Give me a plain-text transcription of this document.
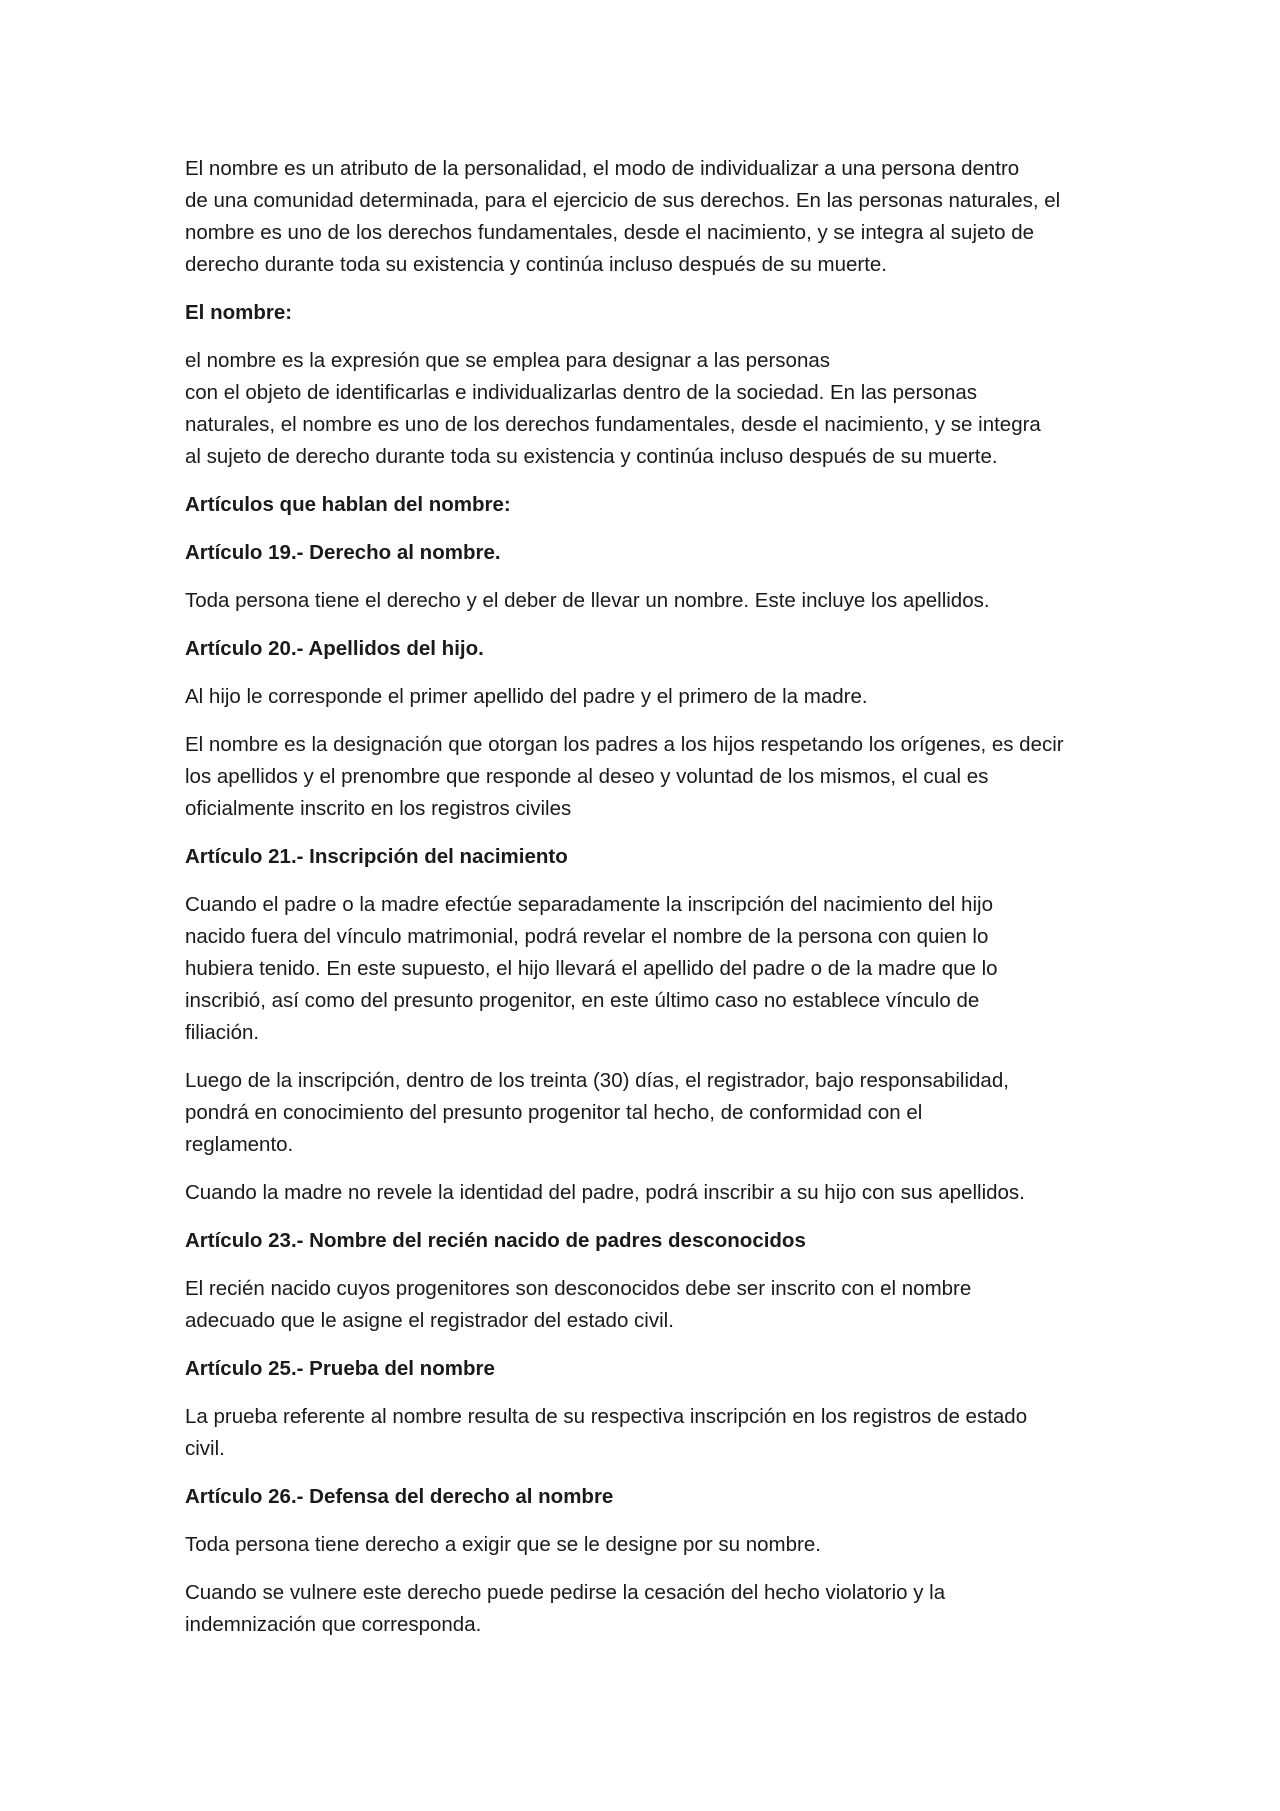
El nombre es un atributo de la personalidad, el modo de individualizar a una persona dentro
de una comunidad determinada, para el ejercicio de sus derechos. En las personas naturales, el
nombre es uno de los derechos fundamentales, desde el nacimiento, y se integra al sujeto de
derecho durante toda su existencia y continúa incluso después de su muerte.

El nombre:

el nombre es la expresión que se emplea para designar a las personas
con el objeto de identificarlas e individualizarlas dentro de la sociedad. En las personas
naturales, el nombre es uno de los derechos fundamentales, desde el nacimiento, y se integra
al sujeto de derecho durante toda su existencia y continúa incluso después de su muerte.

Artículos que hablan del nombre:

Artículo 19.- Derecho al nombre.

Toda persona tiene el derecho y el deber de llevar un nombre. Este incluye los apellidos.

Artículo 20.- Apellidos del hijo.

Al hijo le corresponde el primer apellido del padre y el primero de la madre.

El nombre es la designación que otorgan los padres a los hijos respetando los orígenes, es decir
los apellidos y el prenombre que responde al deseo y voluntad de los mismos, el cual es
oficialmente inscrito en los registros civiles

Artículo 21.- Inscripción del nacimiento

Cuando el padre o la madre efectúe separadamente la inscripción del nacimiento del hijo
nacido fuera del vínculo matrimonial, podrá revelar el nombre de la persona con quien lo
hubiera tenido. En este supuesto, el hijo llevará el apellido del padre o de la madre que lo
inscribió, así como del presunto progenitor, en este último caso no establece vínculo de
filiación.

Luego de la inscripción, dentro de los treinta (30) días, el registrador, bajo responsabilidad,
pondrá en conocimiento del presunto progenitor tal hecho, de conformidad con el
reglamento.

Cuando la madre no revele la identidad del padre, podrá inscribir a su hijo con sus apellidos.

Artículo 23.- Nombre del recién nacido de padres desconocidos

El recién nacido cuyos progenitores son desconocidos debe ser inscrito con el nombre
adecuado que le asigne el registrador del estado civil.

Artículo 25.- Prueba del nombre

La prueba referente al nombre resulta de su respectiva inscripción en los registros de estado
civil.

Artículo 26.- Defensa del derecho al nombre

Toda persona tiene derecho a exigir que se le designe por su nombre.

Cuando se vulnere este derecho puede pedirse la cesación del hecho violatorio y la
indemnización que corresponda.
